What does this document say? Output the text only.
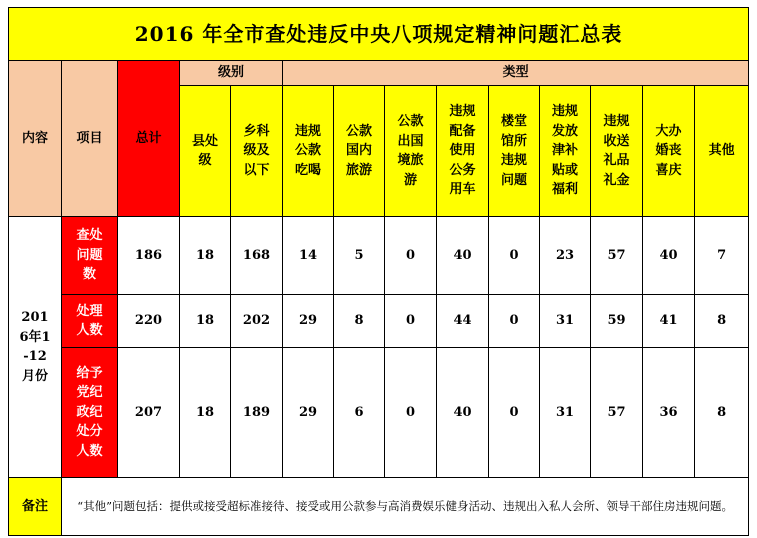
2016 年全市查处违反中央八项规定精神问题汇总表													
内容	项目	总计	级别		类型								
			县处级	乡科级及以下	违规公款吃喝	公款国内旅游	公款出国境旅游	违规配备使用公务用车	楼堂馆所违规问题	违规发放津补贴或福利	违规收送礼品礼金	大办婚丧喜庆	其他
2016年1-12月份	查处问题数	186	18	168	14	5	0	40	0	23	57	40	7
	处理人数	220	18	202	29	8	0	44	0	31	59	41	8
	给予党纪政纪处分人数	207	18	189	29	6	0	40	0	31	57	36	8
备注	“其他”问题包括：提供或接受超标准接待、接受或用公款参与高消费娱乐健身活动、违规出入私人会所、领导干部住房违规问题。												
